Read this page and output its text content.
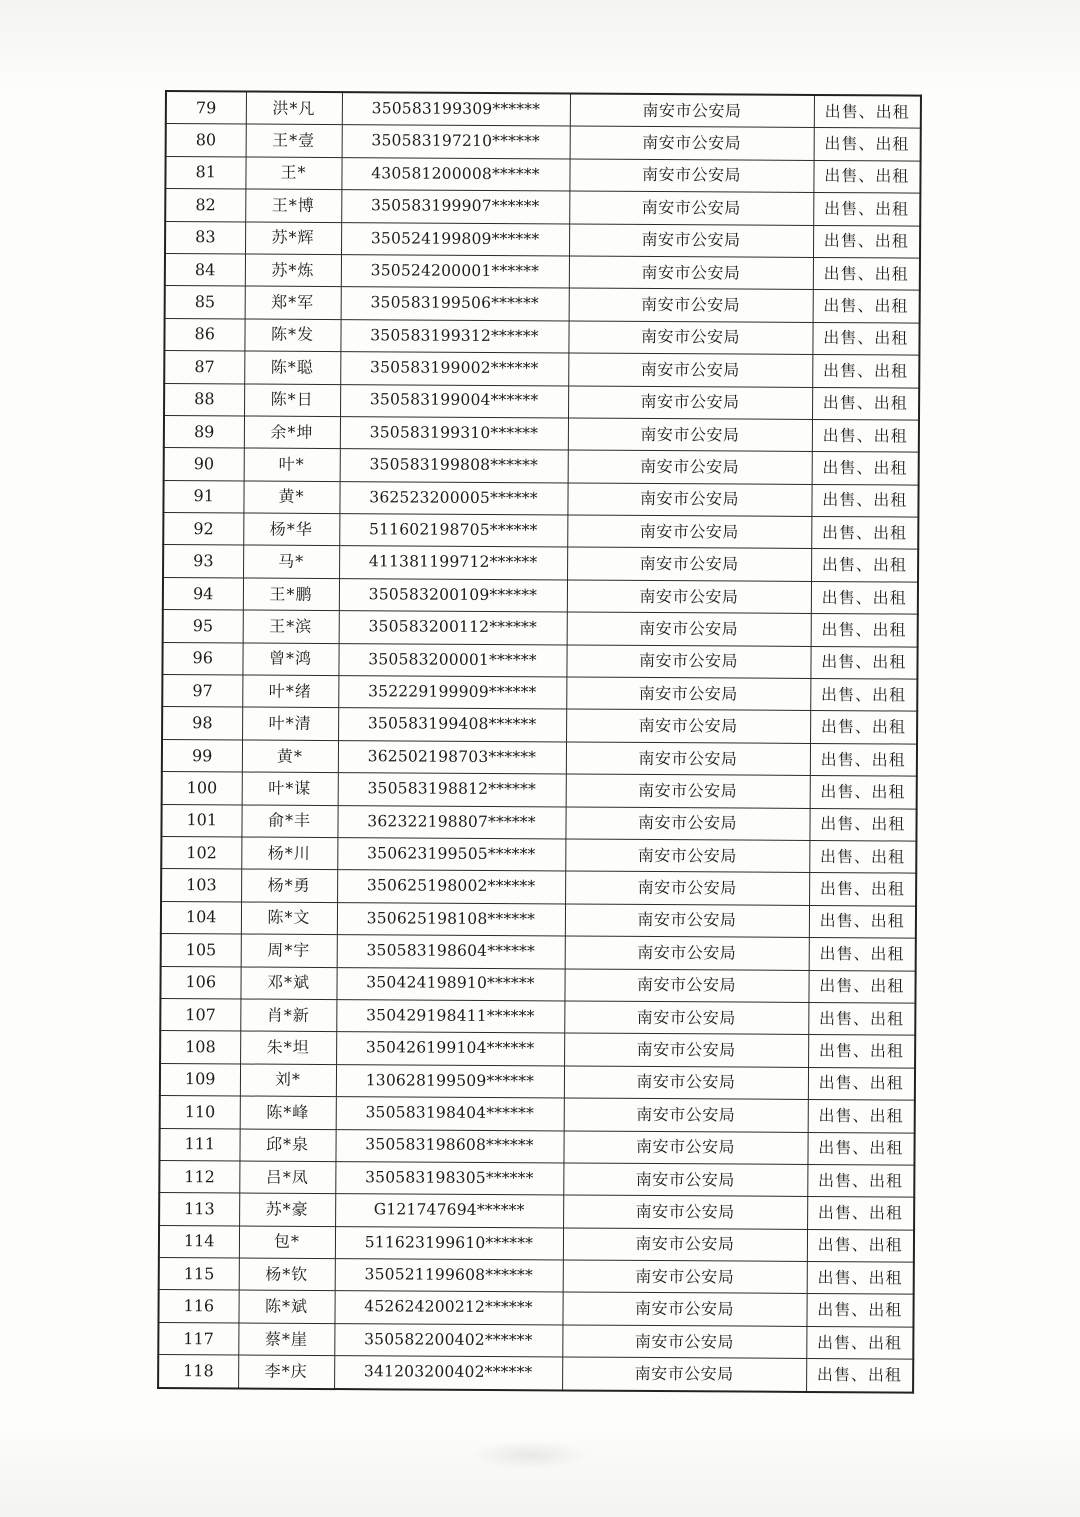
79	洪*凡	350583199309******	南安市公安局	出售、出租
80	王*壹	350583197210******	南安市公安局	出售、出租
81	王*	430581200008******	南安市公安局	出售、出租
82	王*博	350583199907******	南安市公安局	出售、出租
83	苏*辉	350524199809******	南安市公安局	出售、出租
84	苏*炼	350524200001******	南安市公安局	出售、出租
85	郑*军	350583199506******	南安市公安局	出售、出租
86	陈*发	350583199312******	南安市公安局	出售、出租
87	陈*聪	350583199002******	南安市公安局	出售、出租
88	陈*日	350583199004******	南安市公安局	出售、出租
89	余*坤	350583199310******	南安市公安局	出售、出租
90	叶*	350583199808******	南安市公安局	出售、出租
91	黄*	362523200005******	南安市公安局	出售、出租
92	杨*华	511602198705******	南安市公安局	出售、出租
93	马*	411381199712******	南安市公安局	出售、出租
94	王*鹏	350583200109******	南安市公安局	出售、出租
95	王*滨	350583200112******	南安市公安局	出售、出租
96	曾*鸿	350583200001******	南安市公安局	出售、出租
97	叶*绪	352229199909******	南安市公安局	出售、出租
98	叶*清	350583199408******	南安市公安局	出售、出租
99	黄*	362502198703******	南安市公安局	出售、出租
100	叶*谋	350583198812******	南安市公安局	出售、出租
101	俞*丰	362322198807******	南安市公安局	出售、出租
102	杨*川	350623199505******	南安市公安局	出售、出租
103	杨*勇	350625198002******	南安市公安局	出售、出租
104	陈*文	350625198108******	南安市公安局	出售、出租
105	周*宇	350583198604******	南安市公安局	出售、出租
106	邓*斌	350424198910******	南安市公安局	出售、出租
107	肖*新	350429198411******	南安市公安局	出售、出租
108	朱*坦	350426199104******	南安市公安局	出售、出租
109	刘*	130628199509******	南安市公安局	出售、出租
110	陈*峰	350583198404******	南安市公安局	出售、出租
111	邱*泉	350583198608******	南安市公安局	出售、出租
112	吕*凤	350583198305******	南安市公安局	出售、出租
113	苏*豪	G121747694******	南安市公安局	出售、出租
114	包*	511623199610******	南安市公安局	出售、出租
115	杨*钦	350521199608******	南安市公安局	出售、出租
116	陈*斌	452624200212******	南安市公安局	出售、出租
117	蔡*崖	350582200402******	南安市公安局	出售、出租
118	李*庆	341203200402******	南安市公安局	出售、出租
